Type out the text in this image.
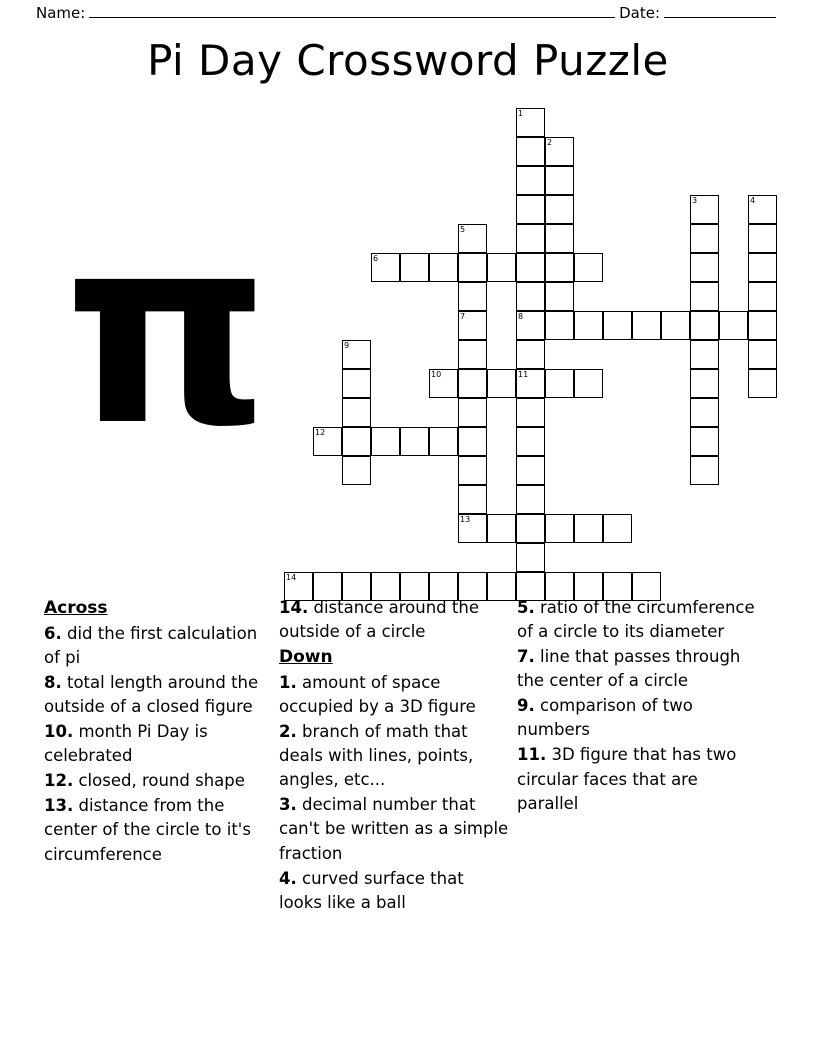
Name:	Date:
Pi Day Crossword Puzzle
π
1
2
3	4
5
6
7	8
9
10	11
12
13
14
Across
6. did the first calculation of pi
8. total length around the outside of a closed figure
10. month Pi Day is celebrated
12. closed, round shape
13. distance from the center of the circle to it's circumference
14. distance around the outside of a circle
Down
1. amount of space occupied by a 3D figure
2. branch of math that deals with lines, points, angles, etc...
3. decimal number that can't be written as a simple fraction
4. curved surface that looks like a ball
5. ratio of the circumference of a circle to its diameter
7. line that passes through the center of a circle
9. comparison of two numbers
11. 3D figure that has two circular faces that are parallel
